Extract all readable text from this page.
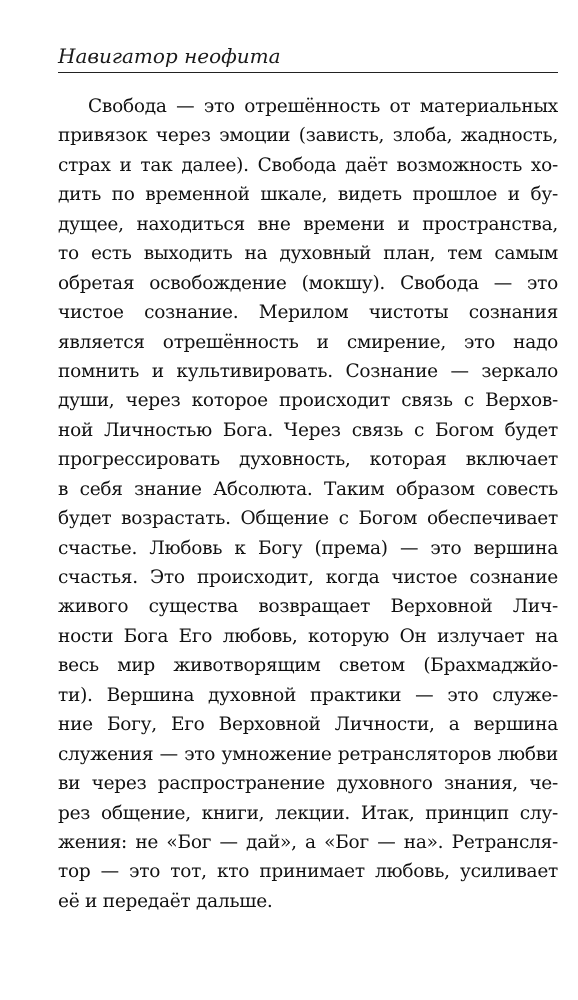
Навигатор неофита
Свобода — это отрешённость от материальных
привязок через эмоции (зависть, злоба, жадность,
страх и так далее). Свобода даёт возможность хо-
дить по временной шкале, видеть прошлое и бу-
дущее, находиться вне времени и пространства,
то есть выходить на духовный план, тем самым
обретая освобождение (мокшу). Свобода — это
чистое сознание. Мерилом чистоты сознания
является отрешённость и смирение, это надо
помнить и культивировать. Сознание — зеркало
души, через которое происходит связь с Верхов-
ной Личностью Бога. Через связь с Богом будет
прогрессировать духовность, которая включает
в себя знание Абсолюта. Таким образом совесть
будет возрастать. Общение с Богом обеспечивает
счастье. Любовь к Богу (према) — это вершина
счастья. Это происходит, когда чистое сознание
живого существа возвращает Верховной Лич-
ности Бога Его любовь, которую Он излучает на
весь мир животворящим светом (Брахмаджйо-
ти). Вершина духовной практики — это служе-
ние Богу, Его Верховной Личности, а вершина
служения — это умножение ретрансляторов любви
ви через распространение духовного знания, че-
рез общение, книги, лекции. Итак, принцип слу-
жения: не «Бог — дай», а «Бог — на». Ретрансля-
тор — это тот, кто принимает любовь, усиливает
её и передаёт дальше.
